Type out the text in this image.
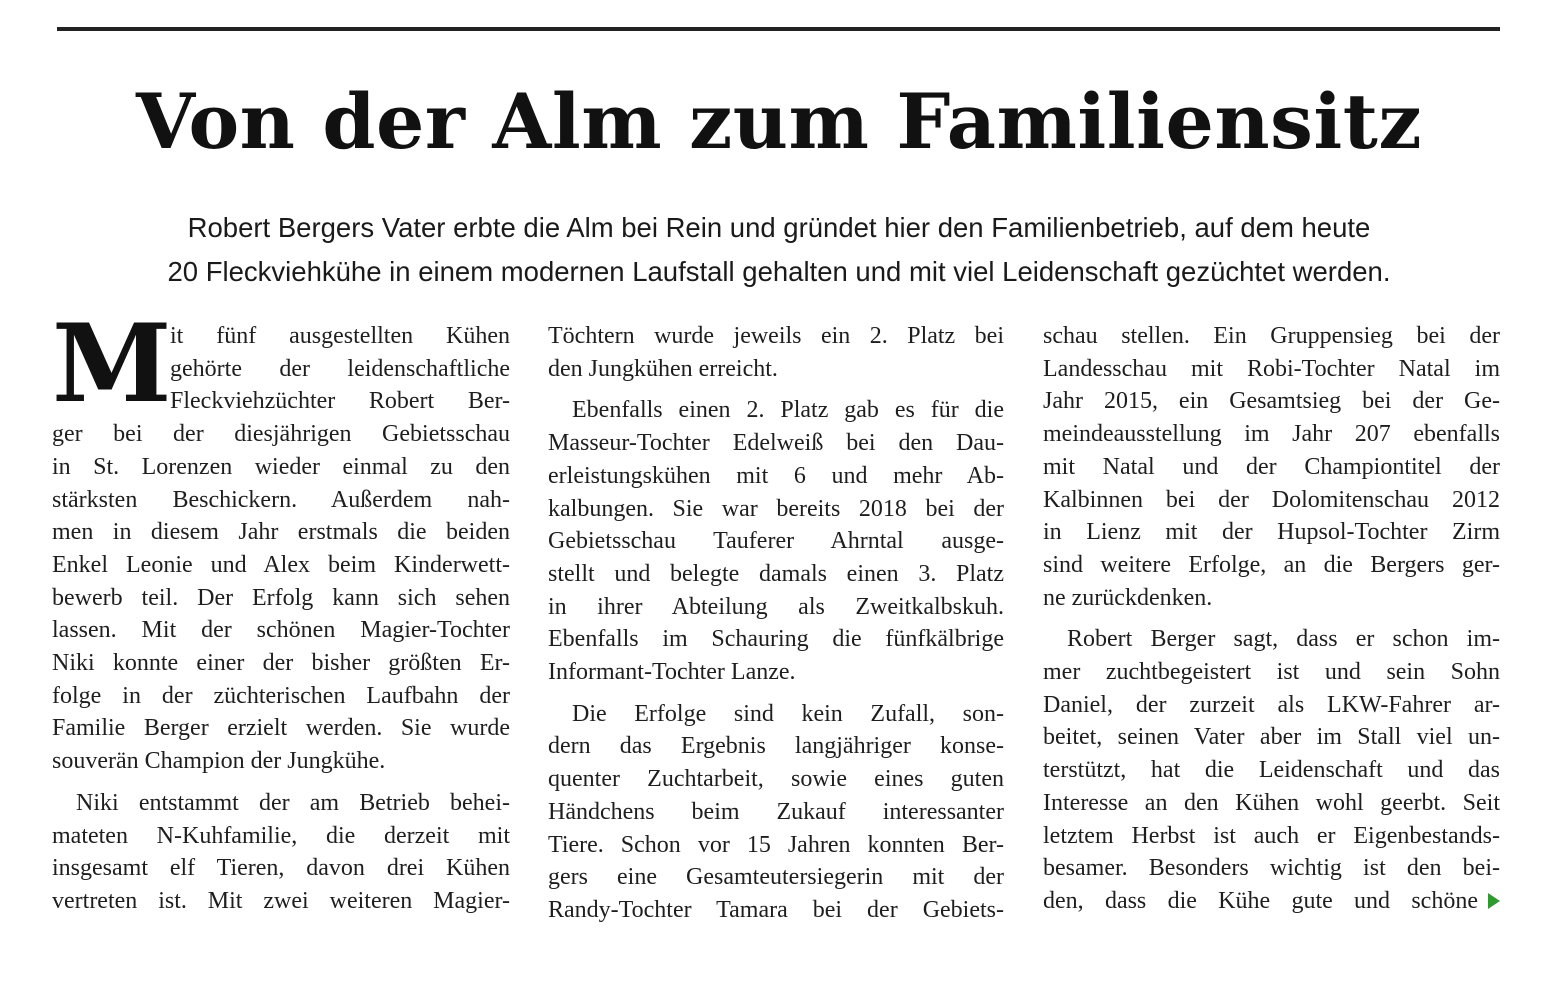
Von der Alm zum Familiensitz
Robert Bergers Vater erbte die Alm bei Rein und gründet hier den Familienbetrieb, auf dem heute
20 Fleckviehkühe in einem modernen Laufstall gehalten und mit viel Leidenschaft gezüchtet werden.
M
it fünf ausgestellten Kühen
gehörte der leidenschaftliche
Fleckviehzüchter Robert Ber-
ger bei der diesjährigen Gebietsschau
in St. Lorenzen wieder einmal zu den
stärksten Beschickern. Außerdem nah-
men in diesem Jahr erstmals die beiden
Enkel Leonie und Alex beim Kinderwett-
bewerb teil. Der Erfolg kann sich sehen
lassen. Mit der schönen Magier-Tochter
Niki konnte einer der bisher größten Er-
folge in der züchterischen Laufbahn der
Familie Berger erzielt werden. Sie wurde
souverän Champion der Jungkühe.
Niki entstammt der am Betrieb behei-
mateten N-Kuhfamilie, die derzeit mit
insgesamt elf Tieren, davon drei Kühen
vertreten ist. Mit zwei weiteren Magier-
Töchtern wurde jeweils ein 2. Platz bei
den Jungkühen erreicht.
Ebenfalls einen 2. Platz gab es für die
Masseur-Tochter Edelweiß bei den Dau-
erleistungskühen mit 6 und mehr Ab-
kalbungen. Sie war bereits 2018 bei der
Gebietsschau Tauferer Ahrntal ausge-
stellt und belegte damals einen 3. Platz
in ihrer Abteilung als Zweitkalbskuh.
Ebenfalls im Schauring die fünfkälbrige
Informant-Tochter Lanze.
Die Erfolge sind kein Zufall, son-
dern das Ergebnis langjähriger konse-
quenter Zuchtarbeit, sowie eines guten
Händchens beim Zukauf interessanter
Tiere. Schon vor 15 Jahren konnten Ber-
gers eine Gesamteutersiegerin mit der
Randy-Tochter Tamara bei der Gebiets-
schau stellen. Ein Gruppensieg bei der
Landesschau mit Robi-Tochter Natal im
Jahr 2015, ein Gesamtsieg bei der Ge-
meindeausstellung im Jahr 207 ebenfalls
mit Natal und der Championtitel der
Kalbinnen bei der Dolomitenschau 2012
in Lienz mit der Hupsol-Tochter Zirm
sind weitere Erfolge, an die Bergers ger-
ne zurückdenken.
Robert Berger sagt, dass er schon im-
mer zuchtbegeistert ist und sein Sohn
Daniel, der zurzeit als LKW-Fahrer ar-
beitet, seinen Vater aber im Stall viel un-
terstützt, hat die Leidenschaft und das
Interesse an den Kühen wohl geerbt. Seit
letztem Herbst ist auch er Eigenbestands-
besamer. Besonders wichtig ist den bei-
den, dass die Kühe gute und schöne
